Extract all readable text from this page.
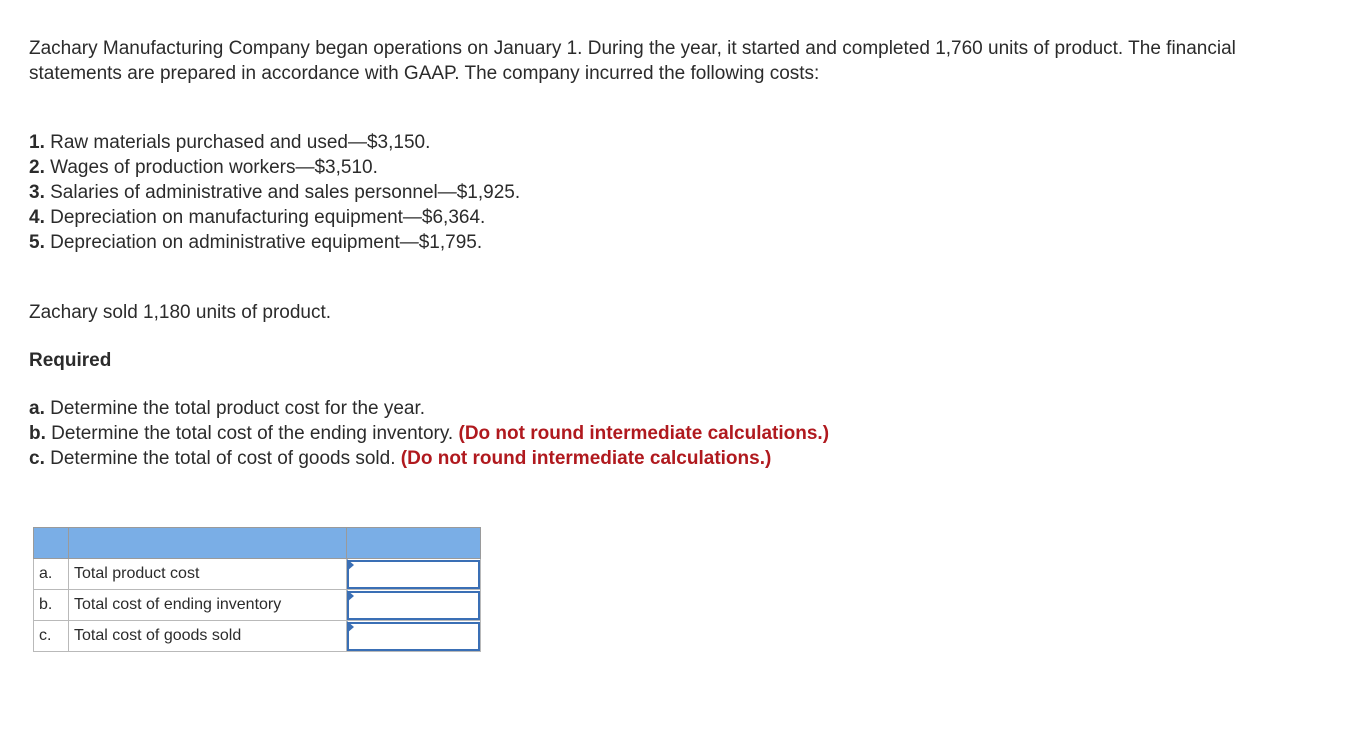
Zachary Manufacturing Company began operations on January 1. During the year, it started and completed 1,760 units of product. The financial statements are prepared in accordance with GAAP. The company incurred the following costs:

1. Raw materials purchased and used—$3,150.
2. Wages of production workers—$3,510.
3. Salaries of administrative and sales personnel—$1,925.
4. Depreciation on manufacturing equipment—$6,364.
5. Depreciation on administrative equipment—$1,795.

Zachary sold 1,180 units of product.

Required

a. Determine the total product cost for the year.
b. Determine the total cost of the ending inventory. (Do not round intermediate calculations.)
c. Determine the total of cost of goods sold. (Do not round intermediate calculations.)

a.	Total product cost	

b.	Total cost of ending inventory	

c.	Total cost of goods sold	
